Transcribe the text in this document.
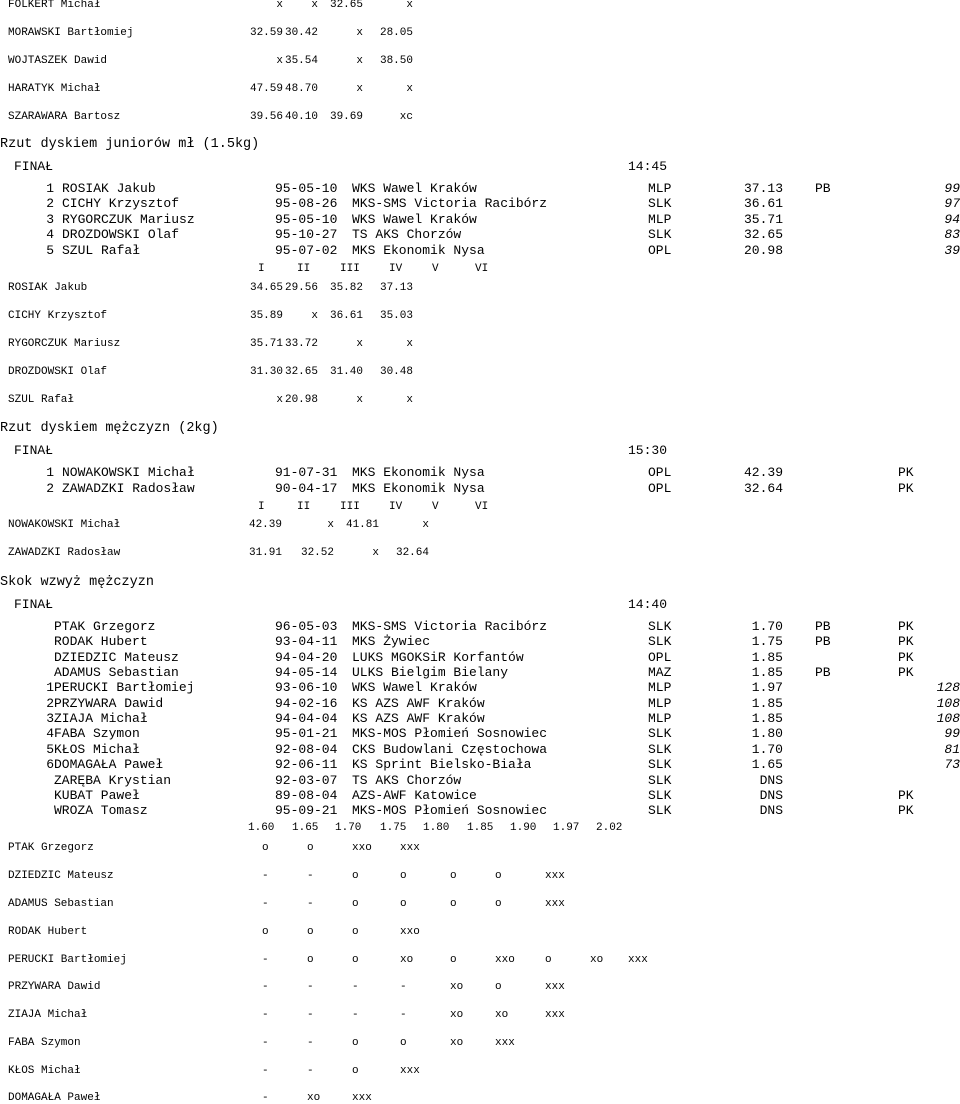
FOLKERT Michał	x	x 32.65	x
MORAWSKI Bartłomiej	32.59 30.42	x 28.05
WOJTASZEK Dawid	x 35.54	x 38.50
HARATYK Michał	47.59 48.70	x	x
SZARAWARA Bartosz	39.56 40.10 39.69	xc
Rzut dyskiem juniorów mł (1.5kg)
FINAŁ	14:45
1 ROSIAK Jakub	95-05-10 WKS Wawel Kraków	MLP	37.13 PB	99
2 CICHY Krzysztof	95-08-26 MKS-SMS Victoria Racibórz	SLK	36.61	97
3 RYGORCZUK Mariusz	95-05-10 WKS Wawel Kraków	MLP	35.71	94
4 DROZDOWSKI Olaf	95-10-27 TS AKS Chorzów	SLK	32.65	83
5 SZUL Rafał	95-07-02 MKS Ekonomik Nysa	OPL	20.98	39
I	II	III	IV	V	VI
ROSIAK Jakub	34.65 29.56 35.82 37.13
CICHY Krzysztof	35.89	x 36.61 35.03
RYGORCZUK Mariusz	35.71 33.72	x	x
DROZDOWSKI Olaf	31.30 32.65 31.40 30.48
SZUL Rafał	x 20.98	x	x
Rzut dyskiem mężczyzn (2kg)
FINAŁ	15:30
1 NOWAKOWSKI Michał	91-07-31 MKS Ekonomik Nysa	OPL	42.39	PK
2 ZAWADZKI Radosław	90-04-17 MKS Ekonomik Nysa	OPL	32.64	PK
I	II	III	IV	V	VI
NOWAKOWSKI Michał	42.39	x 41.81	x
ZAWADZKI Radosław	31.91 32.52	x 32.64
Skok wzwyż mężczyzn
FINAŁ	14:40
PTAK Grzegorz	96-05-03 MKS-SMS Victoria Racibórz	SLK	1.70 PB	PK
RODAK Hubert	93-04-11 MKS Żywiec	SLK	1.75 PB	PK
DZIEDZIC Mateusz	94-04-20 LUKS MGOKSiR Korfantów	OPL	1.85	PK
ADAMUS Sebastian	94-05-14 ULKS Bielgim Bielany	MAZ	1.85 PB	PK
1 PERUCKI Bartłomiej	93-06-10 WKS Wawel Kraków	MLP	1.97	128
2 PRZYWARA Dawid	94-02-16 KS AZS AWF Kraków	MLP	1.85	108
3 ZIAJA Michał	94-04-04 KS AZS AWF Kraków	MLP	1.85	108
4 FABA Szymon	95-01-21 MKS-MOS Płomień Sosnowiec	SLK	1.80	99
5 KŁOS Michał	92-08-04 CKS Budowlani Częstochowa	SLK	1.70	81
6 DOMAGAŁA Paweł	92-06-11 KS Sprint Bielsko-Biała	SLK	1.65	73
ZARĘBA Krystian	92-03-07 TS AKS Chorzów	SLK	DNS
KUBAT Paweł	89-08-04 AZS-AWF Katowice	SLK	DNS	PK
WROZA Tomasz	95-09-21 MKS-MOS Płomień Sosnowiec	SLK	DNS	PK
1.60 1.65 1.70 1.75 1.80 1.85 1.90 1.97 2.02
PTAK Grzegorz	o	o	xxo	xxx
DZIEDZIC Mateusz	-	-	o	o	o	o	xxx
ADAMUS Sebastian	-	-	o	o	o	o	xxx
RODAK Hubert	o	o	o	xxo
PERUCKI Bartłomiej	-	o	o	xo	o	xxo	o	xo xxx
PRZYWARA Dawid	-	-	-	-	xo	o	xxx
ZIAJA Michał	-	-	-	-	xo	xo	xxx
FABA Szymon	-	-	o	o	xo	xxx
KŁOS Michał	-	-	o	xxx
DOMAGAŁA Paweł	-	xo	xxx
